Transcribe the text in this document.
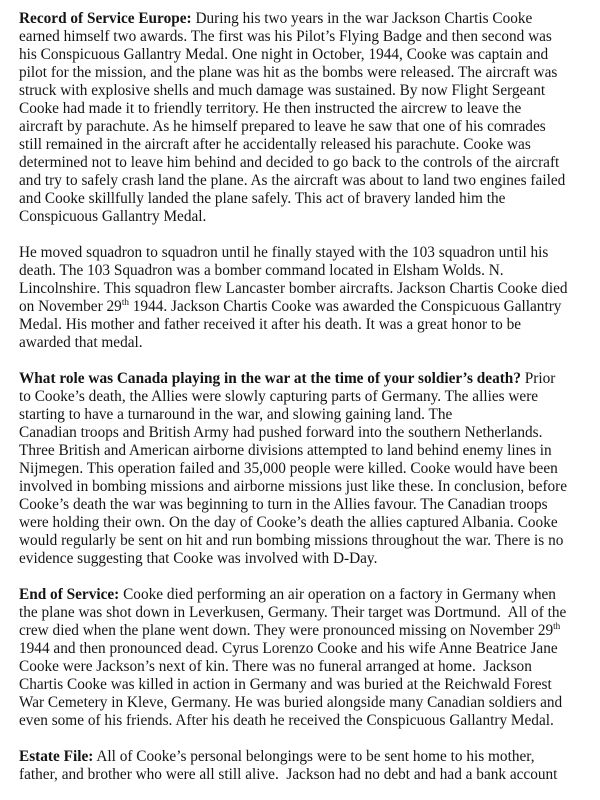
Record of Service Europe: During his two years in the war Jackson Chartis Cooke
earned himself two awards. The first was his Pilot’s Flying Badge and then second was
his Conspicuous Gallantry Medal. One night in October, 1944, Cooke was captain and
pilot for the mission, and the plane was hit as the bombs were released. The aircraft was
struck with explosive shells and much damage was sustained. By now Flight Sergeant
Cooke had made it to friendly territory. He then instructed the aircrew to leave the
aircraft by parachute. As he himself prepared to leave he saw that one of his comrades
still remained in the aircraft after he accidentally released his parachute. Cooke was
determined not to leave him behind and decided to go back to the controls of the aircraft
and try to safely crash land the plane. As the aircraft was about to land two engines failed
and Cooke skillfully landed the plane safely. This act of bravery landed him the
Conspicuous Gallantry Medal.

He moved squadron to squadron until he finally stayed with the 103 squadron until his
death. The 103 Squadron was a bomber command located in Elsham Wolds. N.
Lincolnshire. This squadron flew Lancaster bomber aircrafts. Jackson Chartis Cooke died
on November 29th 1944. Jackson Chartis Cooke was awarded the Conspicuous Gallantry
Medal. His mother and father received it after his death. It was a great honor to be
awarded that medal.

What role was Canada playing in the war at the time of your soldier’s death? Prior
to Cooke’s death, the Allies were slowly capturing parts of Germany. The allies were
starting to have a turnaround in the war, and slowing gaining land. The
Canadian troops and British Army had pushed forward into the southern Netherlands.
Three British and American airborne divisions attempted to land behind enemy lines in
Nijmegen. This operation failed and 35,000 people were killed. Cooke would have been
involved in bombing missions and airborne missions just like these. In conclusion, before
Cooke’s death the war was beginning to turn in the Allies favour. The Canadian troops
were holding their own. On the day of Cooke’s death the allies captured Albania. Cooke
would regularly be sent on hit and run bombing missions throughout the war. There is no
evidence suggesting that Cooke was involved with D-Day.

End of Service: Cooke died performing an air operation on a factory in Germany when
the plane was shot down in Leverkusen, Germany. Their target was Dortmund.  All of the
crew died when the plane went down. They were pronounced missing on November 29th
1944 and then pronounced dead. Cyrus Lorenzo Cooke and his wife Anne Beatrice Jane
Cooke were Jackson’s next of kin. There was no funeral arranged at home.  Jackson
Chartis Cooke was killed in action in Germany and was buried at the Reichwald Forest
War Cemetery in Kleve, Germany. He was buried alongside many Canadian soldiers and
even some of his friends. After his death he received the Conspicuous Gallantry Medal.

Estate File: All of Cooke’s personal belongings were to be sent home to his mother,
father, and brother who were all still alive.  Jackson had no debt and had a bank account
